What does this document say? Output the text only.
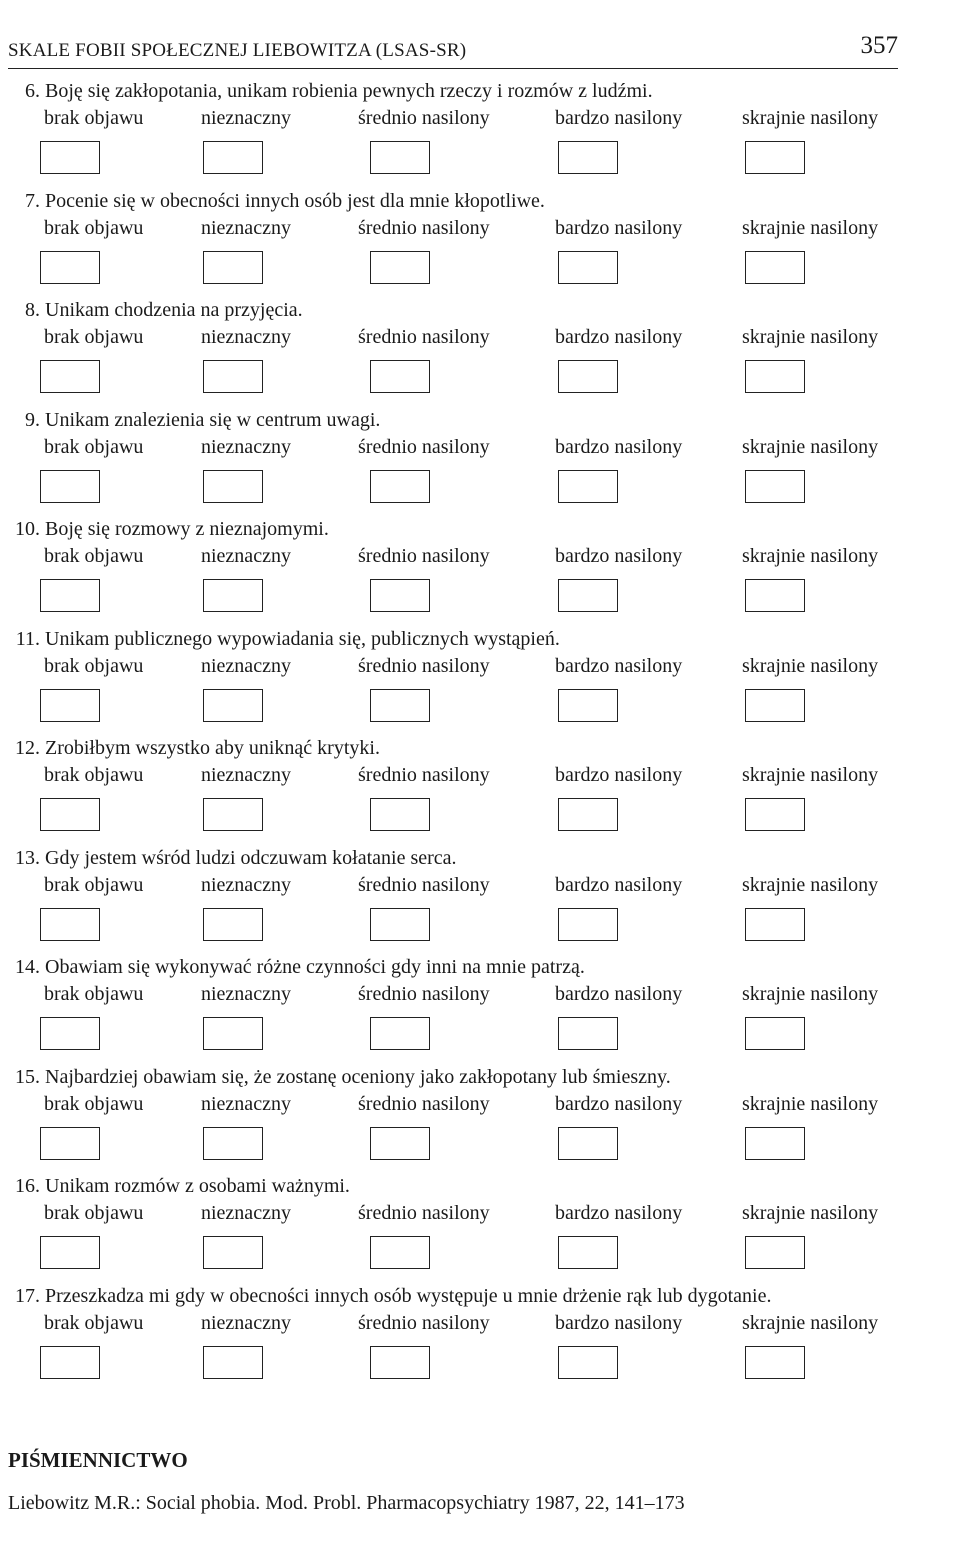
SKALE FOBII SPOŁECZNEJ LIEBOWITZA (LSAS-SR)	357
6. Boję się zakłopotania, unikam robienia pewnych rzeczy i rozmów z ludźmi.
brak objawu	nieznaczny	średnio nasilony	bardzo nasilony	skrajnie nasilony
7. Pocenie się w obecności innych osób jest dla mnie kłopotliwe.
brak objawu	nieznaczny	średnio nasilony	bardzo nasilony	skrajnie nasilony
8. Unikam chodzenia na przyjęcia.
brak objawu	nieznaczny	średnio nasilony	bardzo nasilony	skrajnie nasilony
9. Unikam znalezienia się w centrum uwagi.
brak objawu	nieznaczny	średnio nasilony	bardzo nasilony	skrajnie nasilony
10. Boję się rozmowy z nieznajomymi.
brak objawu	nieznaczny	średnio nasilony	bardzo nasilony	skrajnie nasilony
11. Unikam publicznego wypowiadania się, publicznych wystąpień.
brak objawu	nieznaczny	średnio nasilony	bardzo nasilony	skrajnie nasilony
12. Zrobiłbym wszystko aby uniknąć krytyki.
brak objawu	nieznaczny	średnio nasilony	bardzo nasilony	skrajnie nasilony
13. Gdy jestem wśród ludzi odczuwam kołatanie serca.
brak objawu	nieznaczny	średnio nasilony	bardzo nasilony	skrajnie nasilony
14. Obawiam się wykonywać różne czynności gdy inni na mnie patrzą.
brak objawu	nieznaczny	średnio nasilony	bardzo nasilony	skrajnie nasilony
15. Najbardziej obawiam się, że zostanę oceniony jako zakłopotany lub śmieszny.
brak objawu	nieznaczny	średnio nasilony	bardzo nasilony	skrajnie nasilony
16. Unikam rozmów z osobami ważnymi.
brak objawu	nieznaczny	średnio nasilony	bardzo nasilony	skrajnie nasilony
17. Przeszkadza mi gdy w obecności innych osób występuje u mnie drżenie rąk lub dygotanie.
brak objawu	nieznaczny	średnio nasilony	bardzo nasilony	skrajnie nasilony
PIŚMIENNICTWO
Liebowitz M.R.: Social phobia. Mod. Probl. Pharmacopsychiatry 1987, 22, 141–173
